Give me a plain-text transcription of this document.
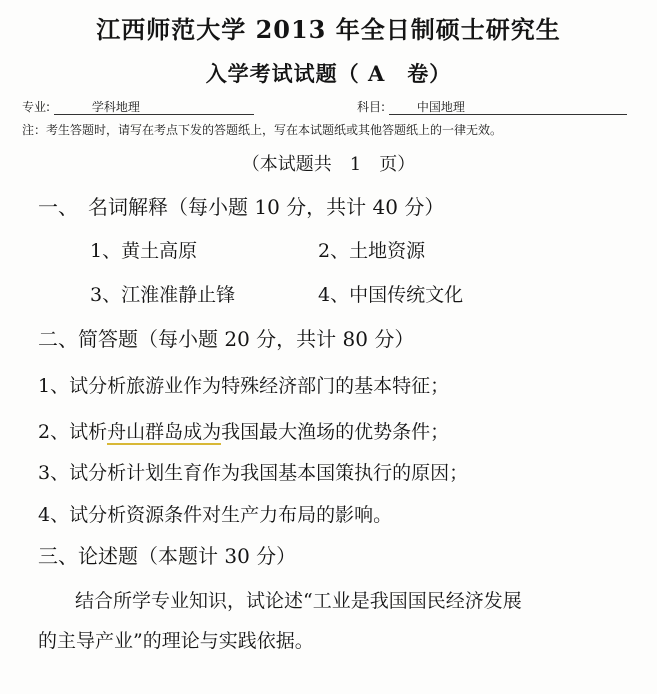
江西师范大学 2013 年全日制硕士研究生
入学考试试题（ A　卷）
专业:	学科地理	科目:	中国地理
注：考生答题时，请写在考点下发的答题纸上，写在本试题纸或其他答题纸上的一律无效。
（本试题共　1　页）
一、　名词解释（每小题 10 分，共计 40 分）
1、黄土高原	2、土地资源
3、江淮准静止锋	4、中国传统文化
二、简答题（每小题 20 分，共计 80 分）
1、试分析旅游业作为特殊经济部门的基本特征；
2、试析舟山群岛成为我国最大渔场的优势条件；
3、试分析计划生育作为我国基本国策执行的原因；
4、试分析资源条件对生产力布局的影响。
三、论述题（本题计 30 分）
结合所学专业知识，试论述“工业是我国国民经济发展
的主导产业”的理论与实践依据。
